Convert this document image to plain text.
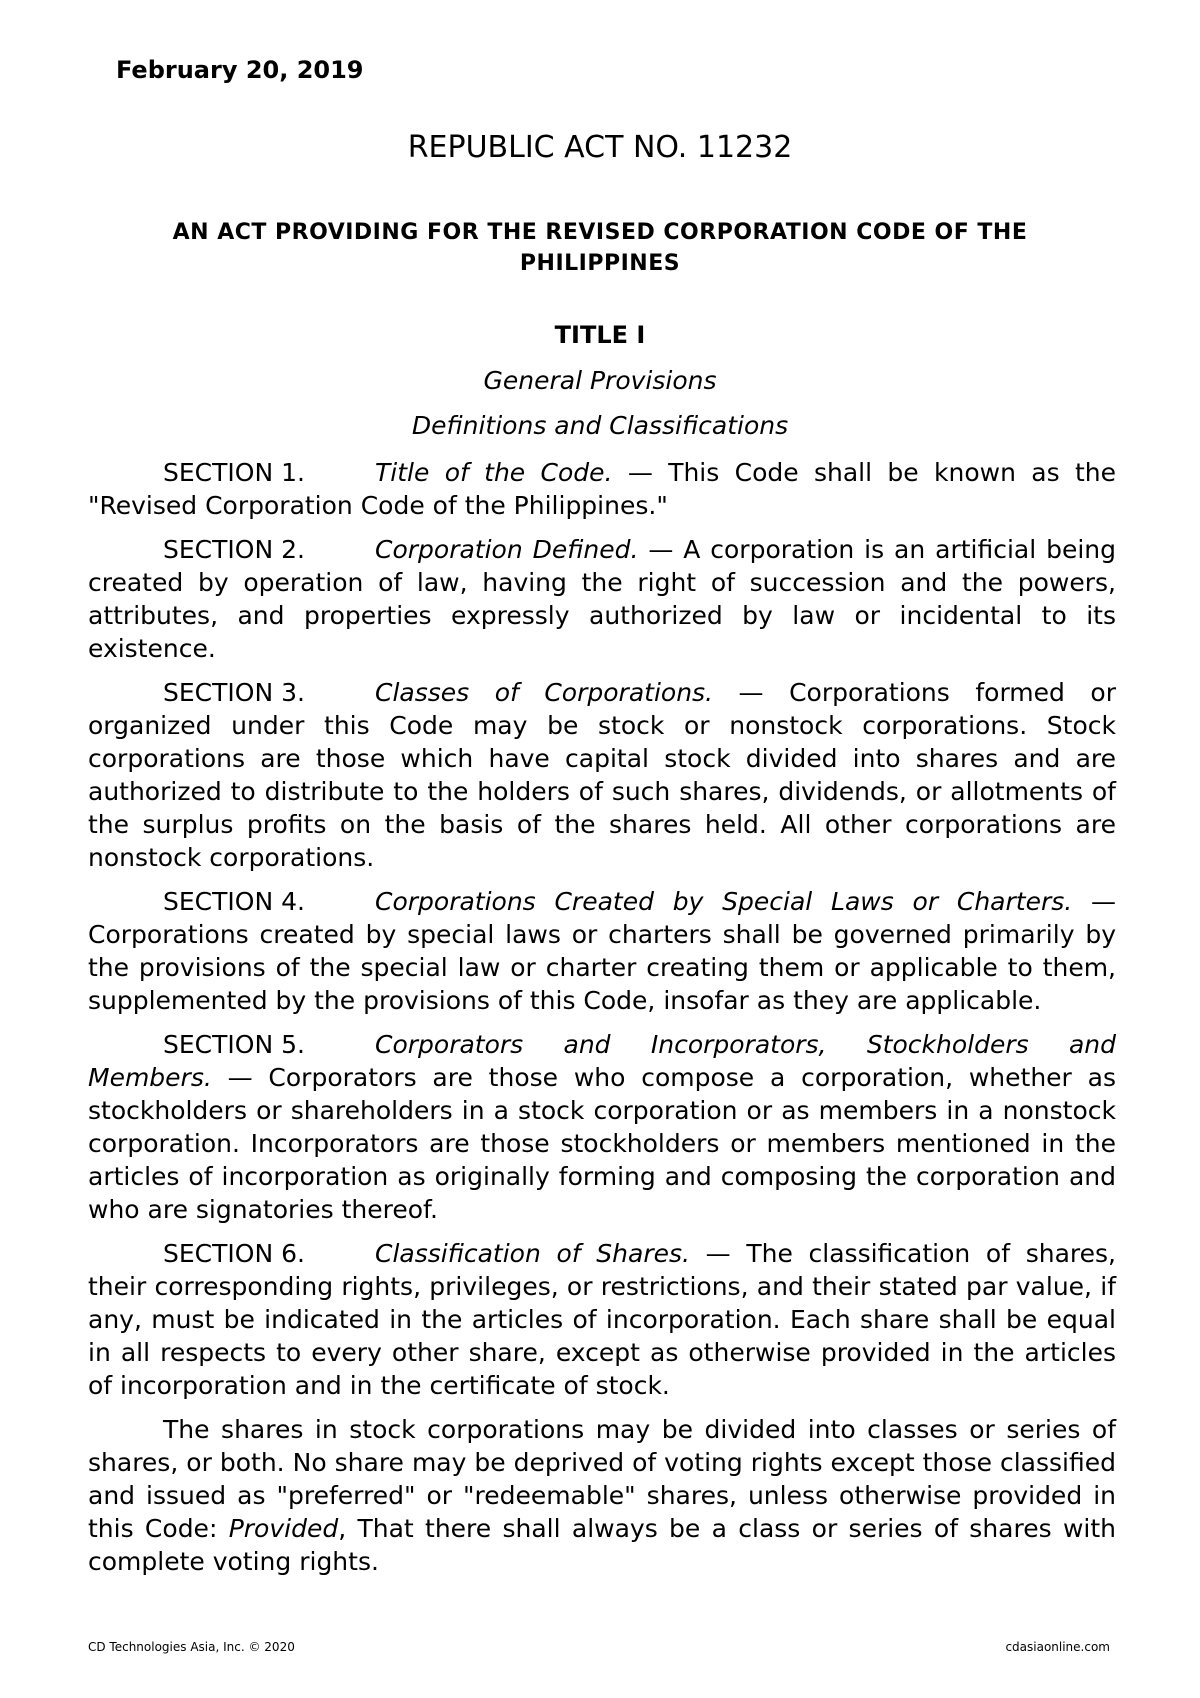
February 20, 2019
REPUBLIC ACT NO. 11232
AN ACT PROVIDING FOR THE REVISED CORPORATION CODE OF THE PHILIPPINES
TITLE I
General Provisions
Definitions and Classifications

SECTION 1.	Title of the Code. — This Code shall be known as the "Revised Corporation Code of the Philippines."

SECTION 2.	Corporation Defined. — A corporation is an artificial being created by operation of law, having the right of succession and the powers, attributes, and properties expressly authorized by law or incidental to its existence.

SECTION 3.	Classes of Corporations. — Corporations formed or organized under this Code may be stock or nonstock corporations. Stock corporations are those which have capital stock divided into shares and are authorized to distribute to the holders of such shares, dividends, or allotments of the surplus profits on the basis of the shares held. All other corporations are nonstock corporations.

SECTION 4.	Corporations Created by Special Laws or Charters. — Corporations created by special laws or charters shall be governed primarily by the provisions of the special law or charter creating them or applicable to them, supplemented by the provisions of this Code, insofar as they are applicable.

SECTION 5.	Corporators and Incorporators, Stockholders and Members. — Corporators are those who compose a corporation, whether as stockholders or shareholders in a stock corporation or as members in a nonstock corporation. Incorporators are those stockholders or members mentioned in the articles of incorporation as originally forming and composing the corporation and who are signatories thereof.

SECTION 6.	Classification of Shares. — The classification of shares, their corresponding rights, privileges, or restrictions, and their stated par value, if any, must be indicated in the articles of incorporation. Each share shall be equal in all respects to every other share, except as otherwise provided in the articles of incorporation and in the certificate of stock.

The shares in stock corporations may be divided into classes or series of shares, or both. No share may be deprived of voting rights except those classified and issued as "preferred" or "redeemable" shares, unless otherwise provided in this Code: Provided, That there shall always be a class or series of shares with complete voting rights.

CD Technologies Asia, Inc. © 2020	cdasiaonline.com
